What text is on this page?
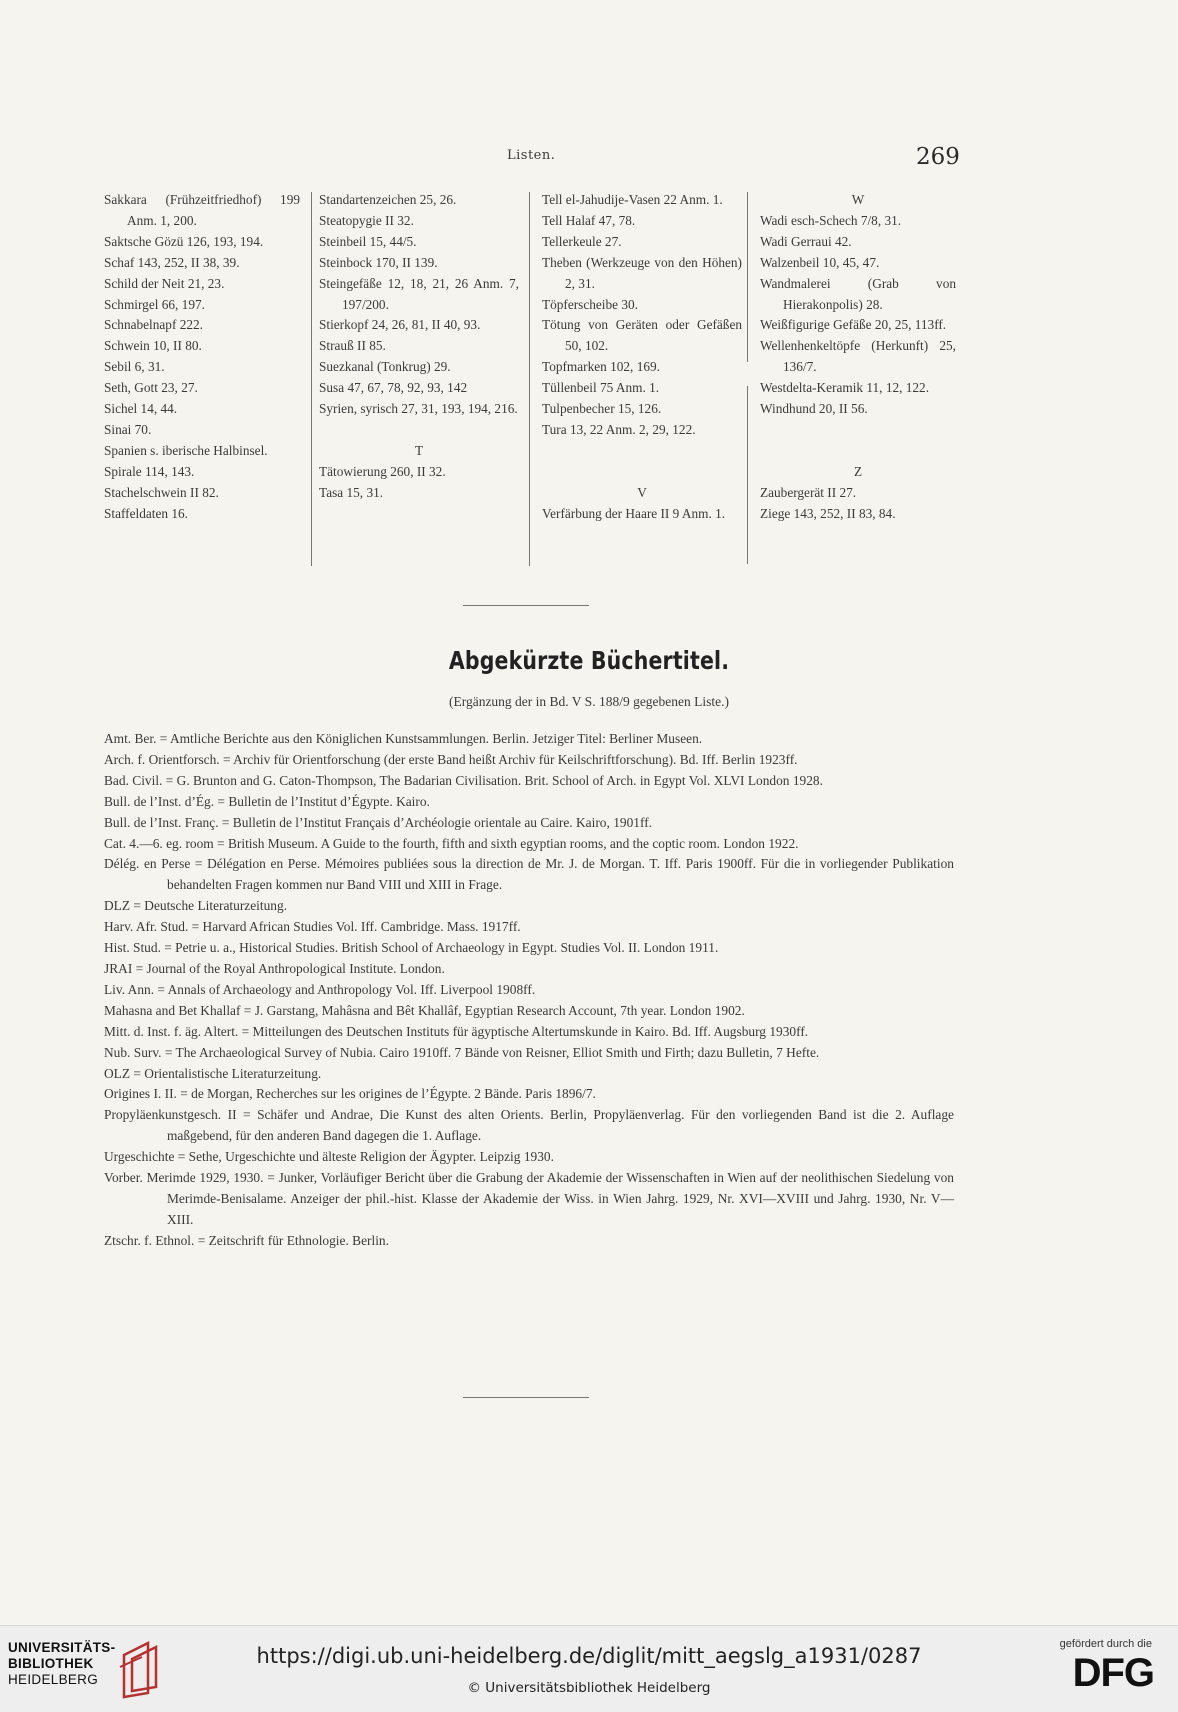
Listen.	269

Sakkara (Frühzeitfriedhof) 199 Anm. 1, 200.

Saktsche Gözü 126, 193, 194.

Schaf 143, 252, II 38, 39.

Schild der Neit 21, 23.

Schmirgel 66, 197.

Schnabelnapf 222.

Schwein 10, II 80.

Sebil 6, 31.

Seth, Gott 23, 27.

Sichel 14, 44.

Sinai 70.

Spanien s. iberische Halbinsel.

Spirale 114, 143.

Stachelschwein II 82.

Staffeldaten 16.

Standartenzeichen 25, 26.

Steatopygie II 32.

Steinbeil 15, 44/5.

Steinbock 170, II 139.

Steingefäße 12, 18, 21, 26 Anm. 7, 197/200.

Stierkopf 24, 26, 81, II 40, 93.

Strauß II 85.

Suezkanal (Tonkrug) 29.

Susa 47, 67, 78, 92, 93, 142

Syrien, syrisch 27, 31, 193, 194, 216.

T

Tätowierung 260, II 32.

Tasa 15, 31.

Tell el-Jahudije-Vasen 22 Anm. 1.

Tell Halaf 47, 78.

Tellerkeule 27.

Theben (Werkzeuge von den Höhen) 2, 31.

Töpferscheibe 30.

Tötung von Geräten oder Gefäßen 50, 102.

Topfmarken 102, 169.

Tüllenbeil 75 Anm. 1.

Tulpenbecher 15, 126.

Tura 13, 22 Anm. 2, 29, 122.

V

Verfärbung der Haare II 9 Anm. 1.

W

Wadi esch-Schech 7/8, 31.

Wadi Gerraui 42.

Walzenbeil 10, 45, 47.

Wandmalerei (Grab von Hierakonpolis) 28.

Weißfigurige Gefäße 20, 25, 113ff.

Wellenhenkeltöpfe (Herkunft) 25, 136/7.

Westdelta-Keramik 11, 12, 122.

Windhund 20, II 56.

Z

Zaubergerät II 27.

Ziege 143, 252, II 83, 84.

Abgekürzte Büchertitel.
(Ergänzung der in Bd. V S. 188/9 gegebenen Liste.)

Amt. Ber. = Amtliche Berichte aus den Königlichen Kunstsammlungen. Berlin. Jetziger Titel: Berliner Museen.

Arch. f. Orientforsch. = Archiv für Orientforschung (der erste Band heißt Archiv für Keilschriftforschung). Bd. Iff. Berlin 1923ff.

Bad. Civil. = G. Brunton and G. Caton-Thompson, The Badarian Civilisation. Brit. School of Arch. in Egypt Vol. XLVI London 1928.

Bull. de l’Inst. d’Ég. = Bulletin de l’Institut d’Égypte. Kairo.

Bull. de l’Inst. Franç. = Bulletin de l’Institut Français d’Archéologie orientale au Caire. Kairo, 1901ff.

Cat. 4.—6. eg. room = British Museum. A Guide to the fourth, fifth and sixth egyptian rooms, and the coptic room. London 1922.

Délég. en Perse = Délégation en Perse. Mémoires publiées sous la direction de Mr. J. de Morgan. T. Iff. Paris 1900ff. Für die in vorliegender Publikation behandelten Fragen kommen nur Band VIII und XIII in Frage.

DLZ = Deutsche Literaturzeitung.

Harv. Afr. Stud. = Harvard African Studies Vol. Iff. Cambridge. Mass. 1917ff.

Hist. Stud. = Petrie u. a., Historical Studies. British School of Archaeology in Egypt. Studies Vol. II. London 1911.

JRAI = Journal of the Royal Anthropological Institute. London.

Liv. Ann. = Annals of Archaeology and Anthropology Vol. Iff. Liverpool 1908ff.

Mahasna and Bet Khallaf = J. Garstang, Mahâsna and Bêt Khallâf, Egyptian Research Account, 7th year. London 1902.

Mitt. d. Inst. f. äg. Altert. = Mitteilungen des Deutschen Instituts für ägyptische Altertumskunde in Kairo. Bd. Iff. Augsburg 1930ff.

Nub. Surv. = The Archaeological Survey of Nubia. Cairo 1910ff. 7 Bände von Reisner, Elliot Smith und Firth; dazu Bulletin, 7 Hefte.

OLZ = Orientalistische Literaturzeitung.

Origines I. II. = de Morgan, Recherches sur les origines de l’Égypte. 2 Bände. Paris 1896/7.

Propyläenkunstgesch. II = Schäfer und Andrae, Die Kunst des alten Orients. Berlin, Propyläenverlag. Für den vorliegenden Band ist die 2. Auflage maßgebend, für den anderen Band dagegen die 1. Auflage.

Urgeschichte = Sethe, Urgeschichte und älteste Religion der Ägypter. Leipzig 1930.

Vorber. Merimde 1929, 1930. = Junker, Vorläufiger Bericht über die Grabung der Akademie der Wissenschaften in Wien auf der neolithischen Siedelung von Merimde-Benisalame. Anzeiger der phil.-hist. Klasse der Akademie der Wiss. in Wien Jahrg. 1929, Nr. XVI—XVIII und Jahrg. 1930, Nr. V—XIII.

Ztschr. f. Ethnol. = Zeitschrift für Ethnologie. Berlin.

UNIVERSITÄTS-
BIBLIOTHEK
HEIDELBERG
https://digi.ub.uni-heidelberg.de/diglit/mitt_aegslg_a1931/0287
© Universitätsbibliothek Heidelberg
gefördert durch die
DFG
